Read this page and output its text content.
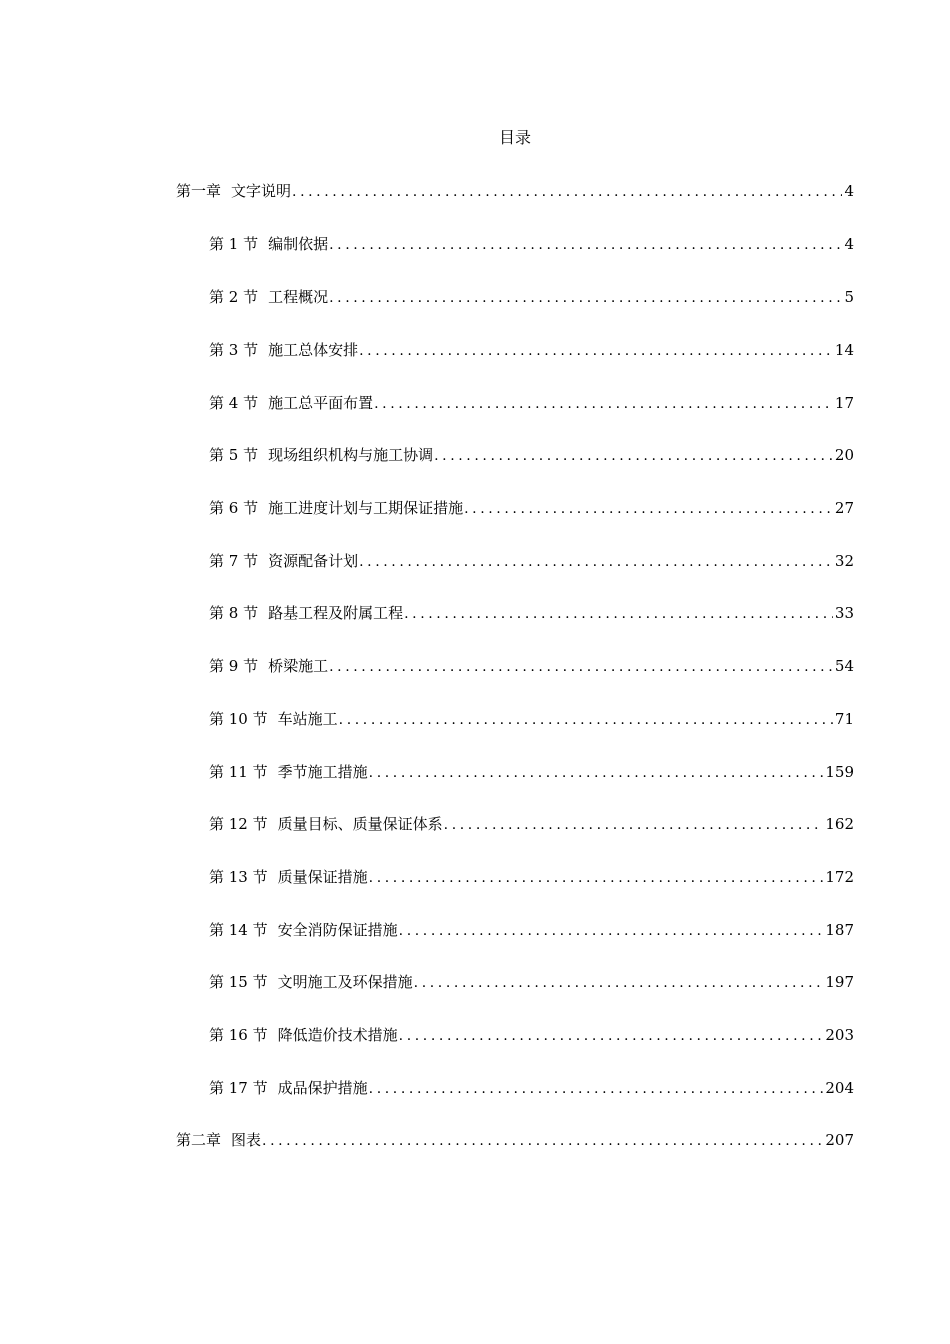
目录
第一章 文字说明 .....	4
第 1 节 编制依据 .....	4
第 2 节 工程概况 .....	5
第 3 节 施工总体安排 .....	14
第 4 节 施工总平面布置 .....	17
第 5 节 现场组织机构与施工协调 .....	20
第 6 节 施工进度计划与工期保证措施 .....	27
第 7 节 资源配备计划 .....	32
第 8 节 路基工程及附属工程 .....	33
第 9 节 桥梁施工 .....	54
第 10 节 车站施工 .....	71
第 11 节 季节施工措施 .....	159
第 12 节 质量目标、质量保证体系 .....	162
第 13 节 质量保证措施 .....	172
第 14 节 安全消防保证措施 .....	187
第 15 节 文明施工及环保措施 .....	197
第 16 节 降低造价技术措施 .....	203
第 17 节 成品保护措施 .....	204
第二章 图表 .....	207
